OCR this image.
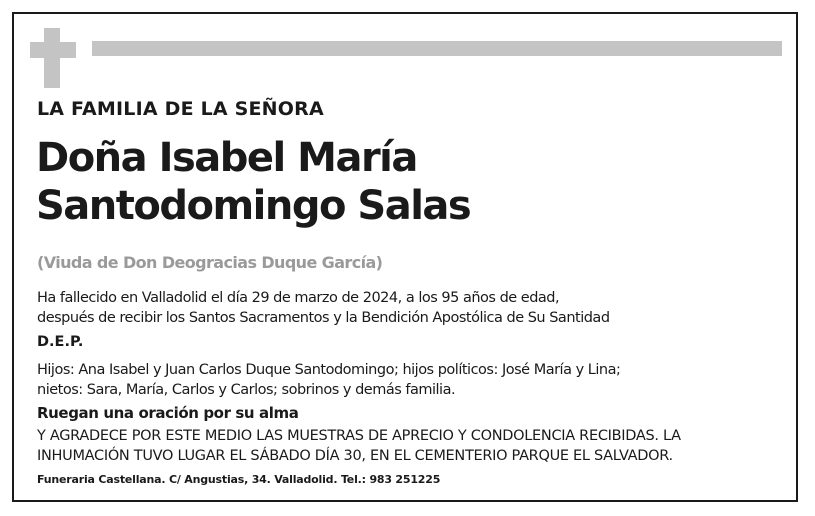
LA FAMILIA DE LA SEÑORA
Doña Isabel María
Santodomingo Salas
(Viuda de Don Deogracias Duque García)
Ha fallecido en Valladolid el día 29 de marzo de 2024, a los 95 años de edad,
después de recibir los Santos Sacramentos y la Bendición Apostólica de Su Santidad
D.E.P.
Hijos: Ana Isabel y Juan Carlos Duque Santodomingo; hijos políticos: José María y Lina;
nietos: Sara, María, Carlos y Carlos; sobrinos y demás familia.
Ruegan una oración por su alma
Y AGRADECE POR ESTE MEDIO LAS MUESTRAS DE APRECIO Y CONDOLENCIA RECIBIDAS. LA
INHUMACIÓN TUVO LUGAR EL SÁBADO DÍA 30, EN EL CEMENTERIO PARQUE EL SALVADOR.
Funeraria Castellana. C/ Angustias, 34. Valladolid. Tel.: 983 251225
